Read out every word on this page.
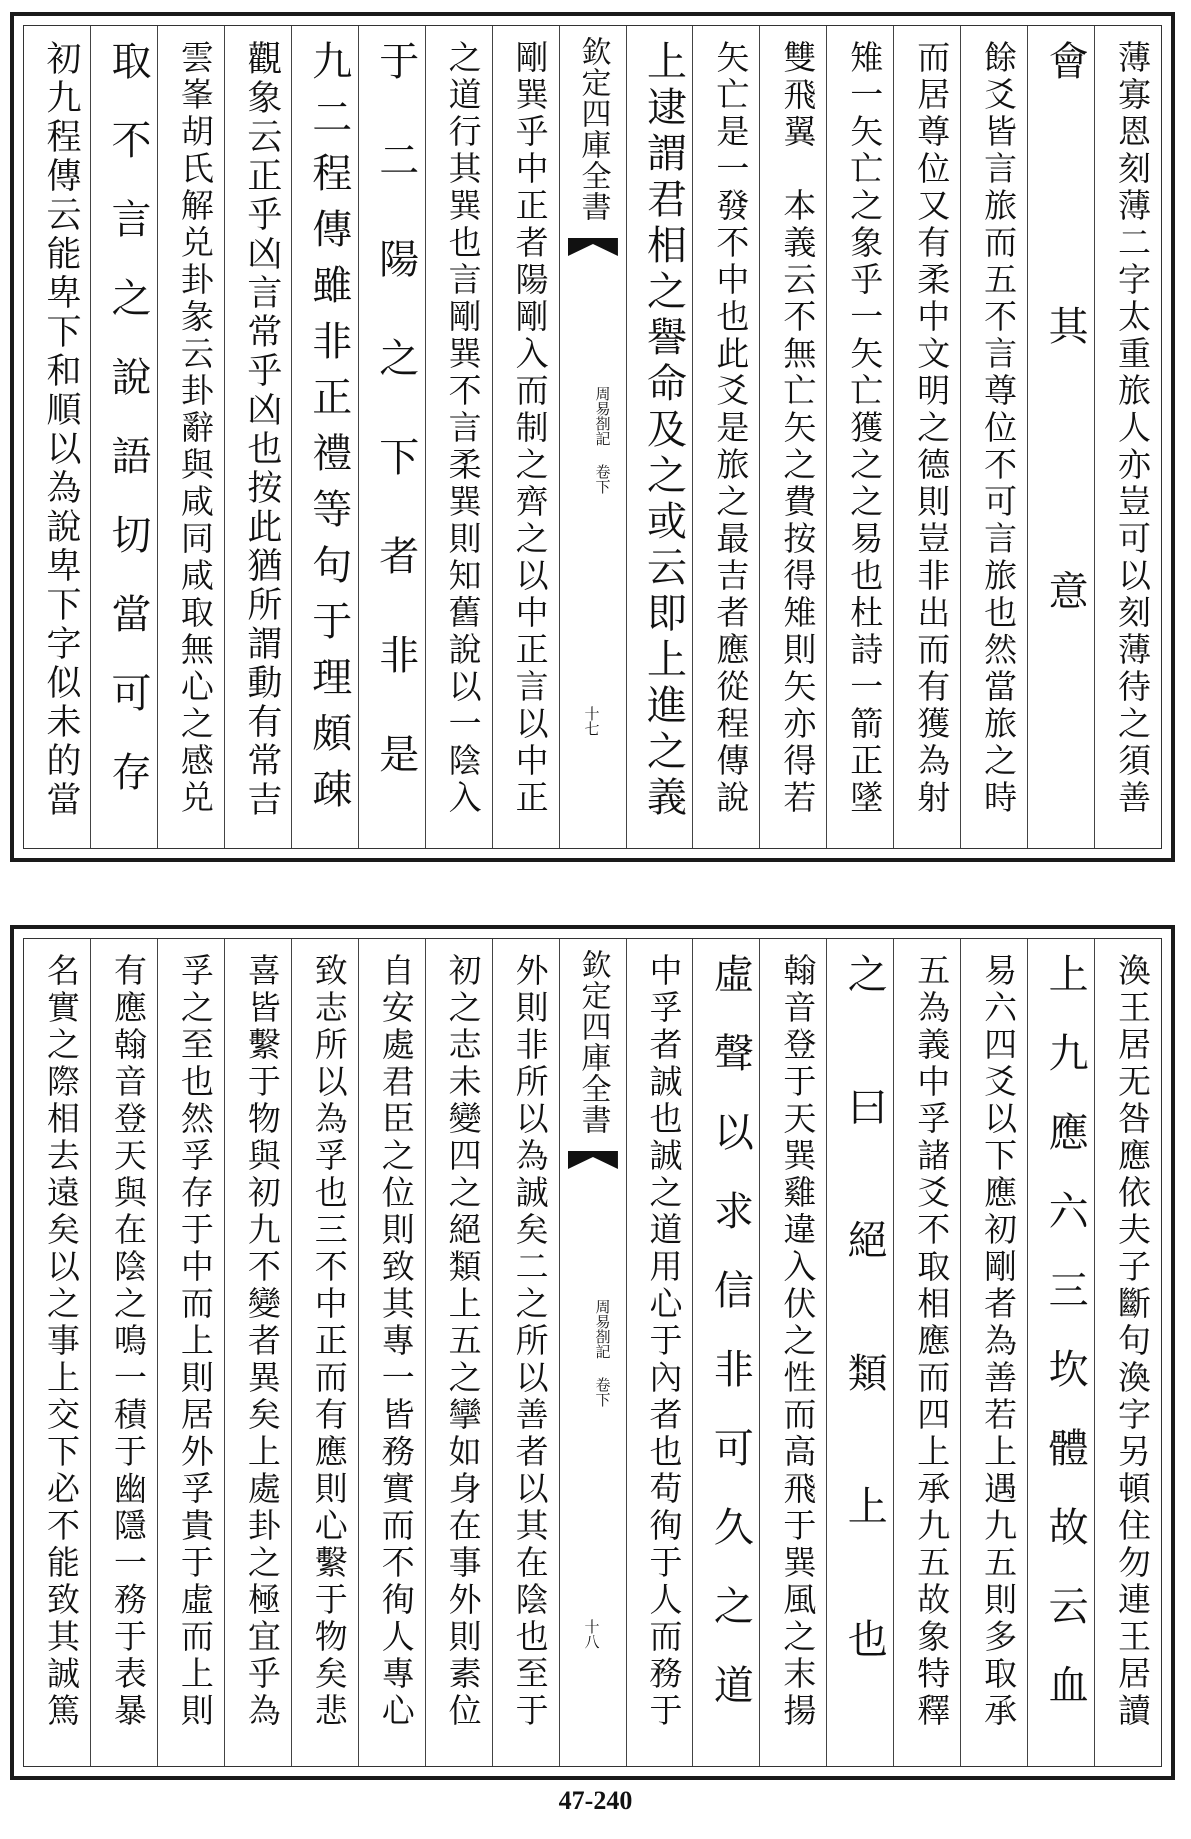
薄寡恩刻薄二字太重旅人亦豈可以刻薄待之須善
會其意
餘爻皆言旅而五不言尊位不可言旅也然當旅之時
而居尊位又有柔中文明之德則豈非出而有獲為射
雉一矢亡之象乎一矢亡獲之之易也杜詩一箭正墜
雙飛翼　本義云不無亡矢之費按得雉則矢亦得若
矢亡是一發不中也此爻是旅之最吉者應從程傳說
上逮謂君相之譽命及之或云即上進之義
欽定四庫全書
周易剳記 卷下
十七
剛巽乎中正者陽剛入而制之齊之以中正言以中正
之道行其巽也言剛巽不言柔巽則知舊說以一陰入
于二陽之下者非是
九二程傳雖非正禮等句于理頗疎
觀象云正乎凶言常乎凶也按此猶所謂動有常吉
雲峯胡氏解兑卦彖云卦辭與咸同咸取無心之感兑
取不言之說語切當可存
初九程傳云能卑下和順以為說卑下字似未的當
渙王居无咎應依夫子斷句渙字另頓住勿連王居讀
上九應六三坎體故云血
易六四爻以下應初剛者為善若上遇九五則多取承
五為義中孚諸爻不取相應而四上承九五故象特釋
之曰絕類上也
翰音登于天巽雞違入伏之性而高飛于巽風之末揚
虛聲以求信非可久之道
中孚者誠也誠之道用心于內者也苟徇于人而務于
欽定四庫全書
周易剳記 卷下
十八
外則非所以為誠矣二之所以善者以其在陰也至于
初之志未變四之絕類上五之攣如身在事外則素位
自安處君臣之位則致其專一皆務實而不徇人專心
致志所以為孚也三不中正而有應則心繫于物矣悲
喜皆繫于物與初九不變者異矣上處卦之極宜乎為
孚之至也然孚存于中而上則居外孚貴于虛而上則
有應翰音登天與在陰之鳴一積于幽隱一務于表暴
名實之際相去遠矣以之事上交下必不能致其誠篤
47-240
